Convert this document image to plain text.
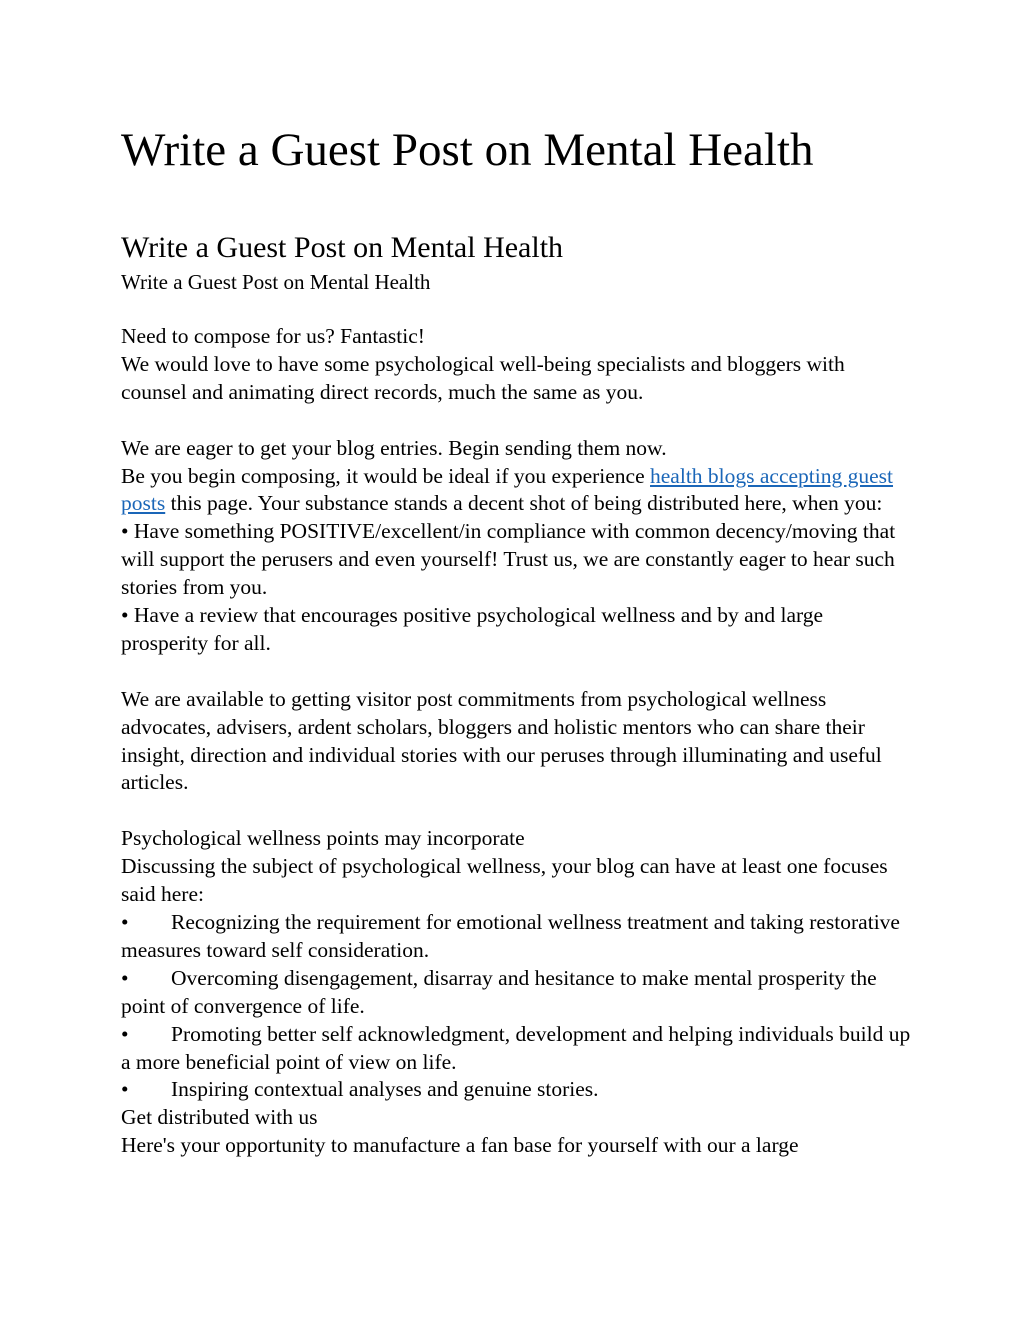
Write a Guest Post on Mental Health
Write a Guest Post on Mental Health

Write a Guest Post on Mental Health

Need to compose for us? Fantastic!

We would love to have some psychological well-being specialists and bloggers with counsel and animating direct records, much the same as you.

We are eager to get your blog entries. Begin sending them now.

Be you begin composing, it would be ideal if you experience health blogs accepting guest posts this page. Your substance stands a decent shot of being distributed here, when you:

• Have something POSITIVE/excellent/in compliance with common decency/moving that will support the perusers and even yourself! Trust us, we are constantly eager to hear such stories from you.

• Have a review that encourages positive psychological wellness and by and large prosperity for all.

We are available to getting visitor post commitments from psychological wellness advocates, advisers, ardent scholars, bloggers and holistic mentors who can share their insight, direction and individual stories with our peruses through illuminating and useful articles.

Psychological wellness points may incorporate

Discussing the subject of psychological wellness, your blog can have at least one focuses said here:

• Recognizing the requirement for emotional wellness treatment and taking restorative measures toward self consideration.

• Overcoming disengagement, disarray and hesitance to make mental prosperity the point of convergence of life.

• Promoting better self acknowledgment, development and helping individuals build up a more beneficial point of view on life.

• Inspiring contextual analyses and genuine stories.

Get distributed with us

Here's your opportunity to manufacture a fan base for yourself with our a large
